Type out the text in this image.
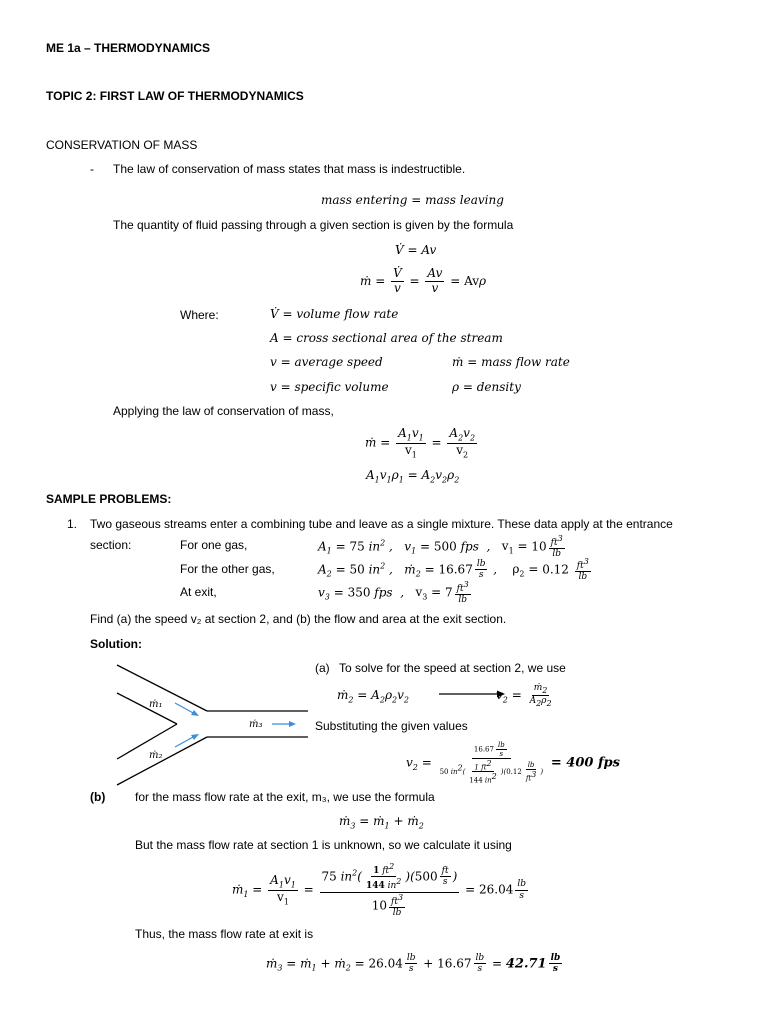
ME 1a – THERMODYNAMICS
TOPIC 2: FIRST LAW OF THERMODYNAMICS
CONSERVATION OF MASS
- The law of conservation of mass states that mass is indestructible.
mass entering = mass leaving
The quantity of fluid passing through a given section is given by the formula
V̇ = Av
ṁ = $\frac{V̇}{v} = \frac{Av}{v} = Av\rho$
Where:	V̇ = volume flow rate
A = cross sectional area of the stream
v = average speed	ṁ = mass flow rate
v = specific volume	ρ = density
Applying the law of conservation of mass,
ṁ = $\frac{A_1v_1}{v_1} = \frac{A_2v_2}{v_2}$
$A_1v_1\rho_1 = A_2v_2\rho_2$
SAMPLE PROBLEMS:
1. Two gaseous streams enter a combining tube and leave as a single mixture. These data apply at the entrance
section:	For one gas,	$A_1 = 75$ $in^2$ ,   $v_1 = 500$ fps  ,   $v_1 = 10 \frac{ft^3}{lb}$
For the other gas,	$A_2 = 50$ $in^2$ ,   ṁ$_2$ = $16.67 \frac{lb}{s}$ ,    $\rho_2 = 0.12 \frac{ft^3}{lb}$
At exit,	$v_3 = 350$ fps  ,   $v_3 = 7 \frac{ft^3}{lb}$
Find (a) the speed v₂ at section 2, and (b) the flow and area at the exit section.
Solution:
ṁ₁
ṁ₂
ṁ₃
(a) To solve for the speed at section 2, we use
ṁ$_2$ = $A_2\rho_2v_2$	$v_2 = \frac{ṁ_2}{A_2\rho_2}$
Substituting the given values
$v_2 = \frac{16.67 \frac{lb}{s}}{50 in^2( \frac{1 ft^2}{144 in^2} )(0.12 \frac{lb}{ft^3} )} = 400$ fps
(b) for the mass flow rate at the exit, m₃, we use the formula
ṁ$_3$ = ṁ$_1$ + ṁ$_2$
But the mass flow rate at section 1 is unknown, so we calculate it using
ṁ$_1$ = $\frac{A_1v_1}{v_1} = \frac{75 in^2( \frac{1 ft^2}{144 in^2} )(500 \frac{ft}{s} )}{10 \frac{ft^3}{lb}} = 26.04 \frac{lb}{s}$
Thus, the mass flow rate at exit is
ṁ$_3$ = ṁ$_1$ + ṁ$_2$ = $26.04 \frac{lb}{s} + 16.67 \frac{lb}{s} = 42.71 \frac{lb}{s}$
